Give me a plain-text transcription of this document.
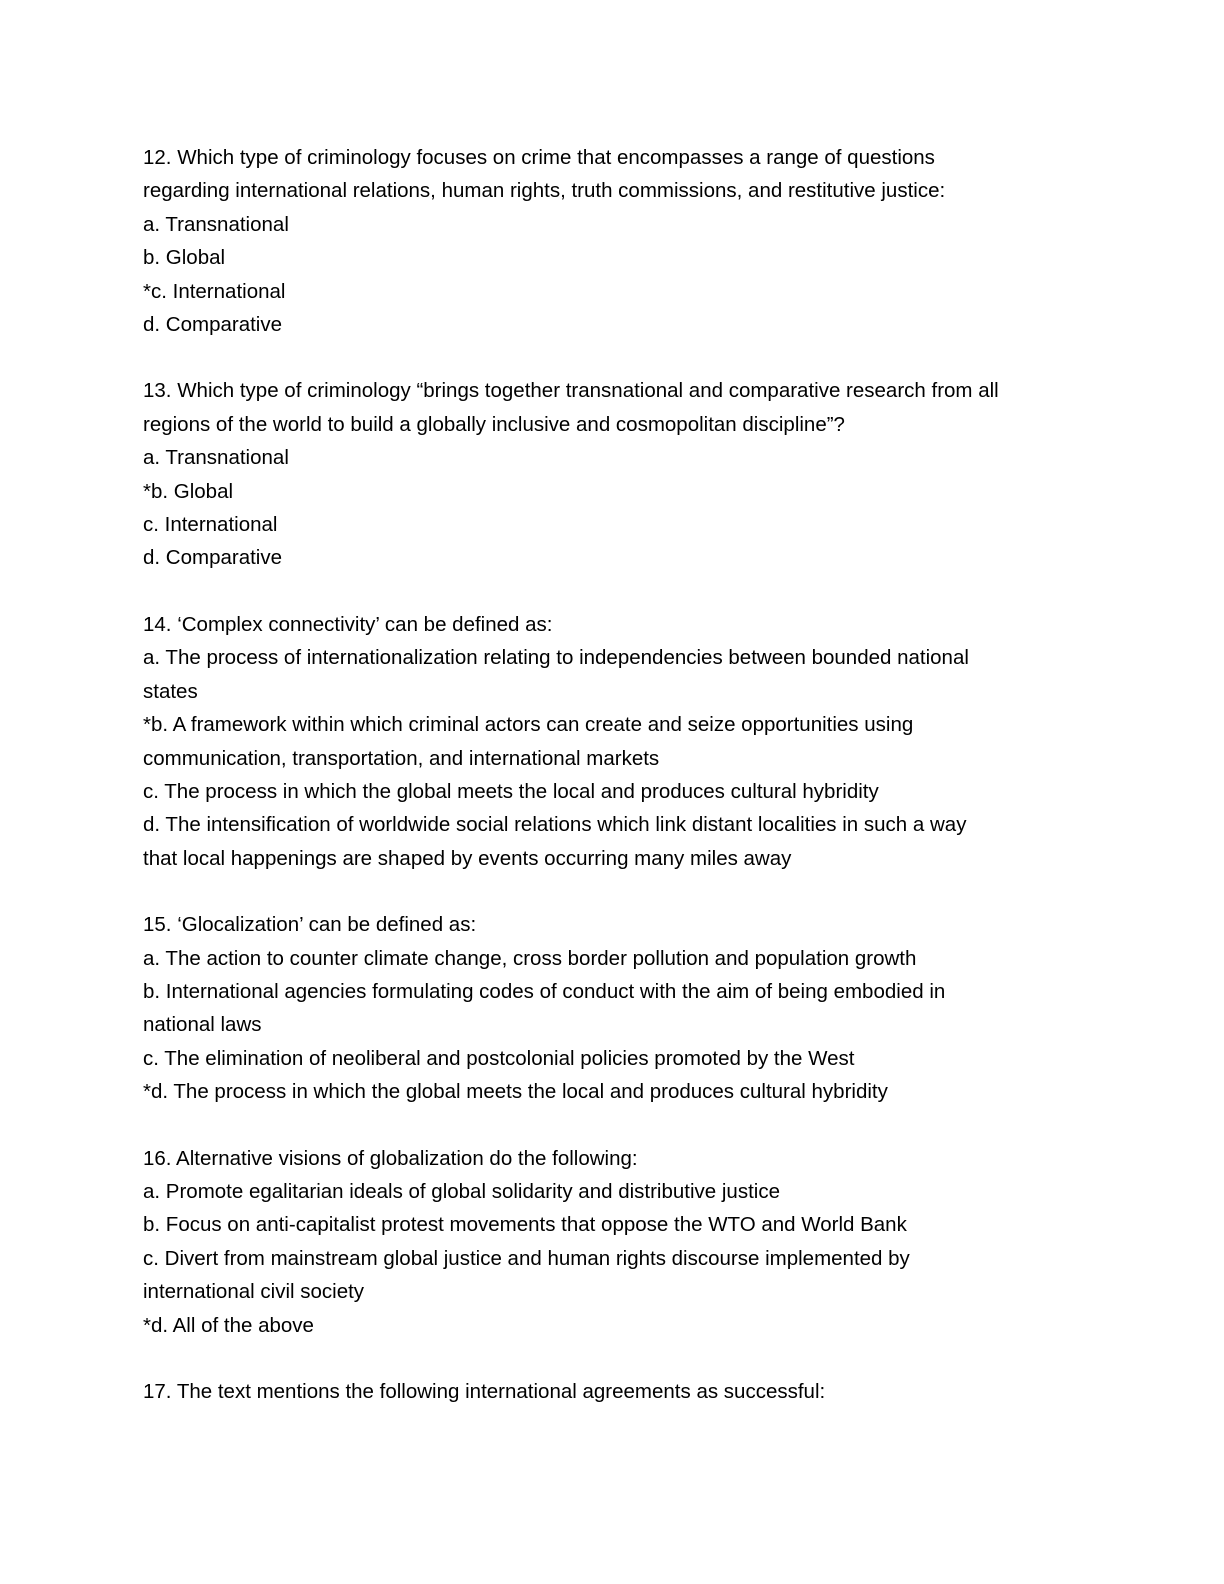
12. Which type of criminology focuses on crime that encompasses a range of questions
regarding international relations, human rights, truth commissions, and restitutive justice:
a. Transnational
b. Global
*c. International
d. Comparative
13. Which type of criminology “brings together transnational and comparative research from all
regions of the world to build a globally inclusive and cosmopolitan discipline”?
a. Transnational
*b. Global
c. International
d. Comparative
14. ‘Complex connectivity’ can be defined as:
a. The process of internationalization relating to independencies between bounded national
states
*b. A framework within which criminal actors can create and seize opportunities using
communication, transportation, and international markets
c. The process in which the global meets the local and produces cultural hybridity
d. The intensification of worldwide social relations which link distant localities in such a way
that local happenings are shaped by events occurring many miles away
15. ‘Glocalization’ can be defined as:
a. The action to counter climate change, cross border pollution and population growth
b. International agencies formulating codes of conduct with the aim of being embodied in
national laws
c. The elimination of neoliberal and postcolonial policies promoted by the West
*d. The process in which the global meets the local and produces cultural hybridity
16. Alternative visions of globalization do the following:
a. Promote egalitarian ideals of global solidarity and distributive justice
b. Focus on anti-capitalist protest movements that oppose the WTO and World Bank
c. Divert from mainstream global justice and human rights discourse implemented by
international civil society
*d. All of the above
17. The text mentions the following international agreements as successful:
